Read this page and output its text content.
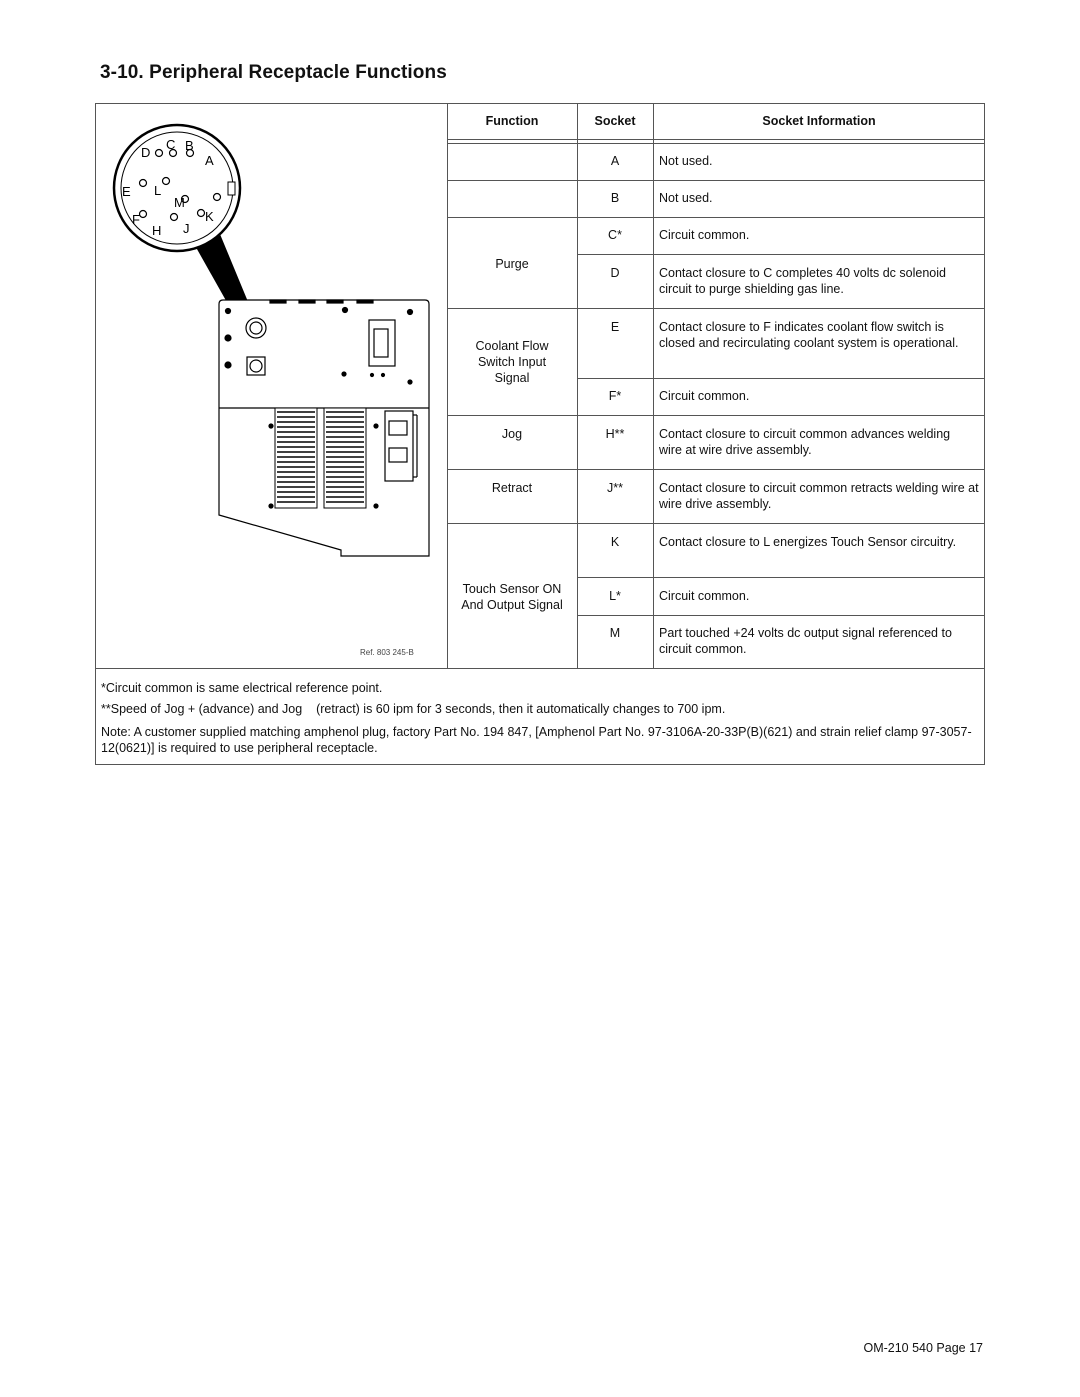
3-10. Peripheral Receptacle Functions
D
C B
A
E L
M
F
H J
K
Ref. 803 245-B
Function	Socket	Socket Information
Purge
Coolant Flow Switch Input Signal
Jog
Retract
Touch Sensor ON And Output Signal
A
B
C*
D
E
F*
H**
J**
K
L*
M
Not used.
Not used.
Circuit common.
Contact closure to C completes 40 volts dc solenoid circuit to purge shielding gas line.
Contact closure to F indicates coolant flow switch is closed and recirculating coolant system is operational.
Circuit common.
Contact closure to circuit common advances welding wire at wire drive assembly.
Contact closure to circuit common retracts welding wire at wire drive assembly.
Contact closure to L energizes Touch Sensor circuitry.
Circuit common.
Part touched +24 volts dc output signal referenced to circuit common.
*Circuit common is same electrical reference point.
**Speed of Jog + (advance) and Jog    (retract) is 60 ipm for 3 seconds, then it automatically changes to 700 ipm.
Note: A customer supplied matching amphenol plug, factory Part No. 194 847, [Amphenol Part No. 97-3106A-20-33P(B)(621) and strain relief clamp 97-3057-12(0621)] is required to use peripheral receptacle.
OM-210 540 Page 17
